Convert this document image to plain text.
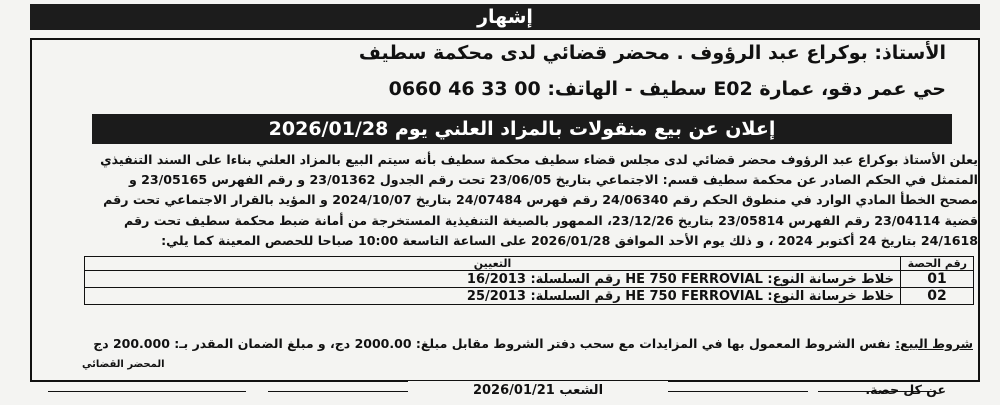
إشهار
الأستاذ: بوكراع عبد الرؤوف . محضر قضائي لدى محكمة سطيف
حي عمر دقو، عمارة E02 سطيف - الهاتف: 00 33 46 0660
إعلان عن بيع منقولات بالمزاد العلني يوم 2026/01/28
يعلن الأستاذ بوكراع عبد الرؤوف محضر قضائي لدى مجلس قضاء سطيف محكمة سطيف بأنه سيتم البيع بالمزاد العلني بناءا على السند التنفيذي
المتمثل في الحكم الصادر عن محكمة سطيف قسم: الاجتماعي بتاريخ 23/06/05 تحت رقم الجدول 23/01362 و رقم الفهرس 23/05165 و
مصحح الخطأ المادي الوارد في منطوق الحكم رقم 24/06340 رقم فهرس 24/07484 بتاريخ 2024/10/07 و المؤيد بالقرار الاجتماعي تحت رقم
قضية 23/04114 رقم الفهرس 23/05814 بتاريخ 23/12/26، الممهور بالصيغة التنفيذية المستخرجة من أمانة ضبط محكمة سطيف تحت رقم
24/1618 بتاريخ 24 أكتوبر 2024 ، و ذلك يوم الأحد الموافق 2026/01/28 على الساعة التاسعة 10:00 صباحا للحصص المعينة كما يلي:
رقم الحصة	التعيين
01	خلاط خرسانة النوع: HE 750 FERROVIAL رقم السلسلة: 16/2013
02	خلاط خرسانة النوع: HE 750 FERROVIAL رقم السلسلة: 25/2013
شروط البيع: نفس الشروط المعمول بها في المزايدات مع سحب دفتر الشروط مقابل مبلغ: 2000.00 دج، و مبلغ الضمان المقدر بـ: 200.000 دج
المحضر القضائي
الشعب 2026/01/21	عن كل حصة.
